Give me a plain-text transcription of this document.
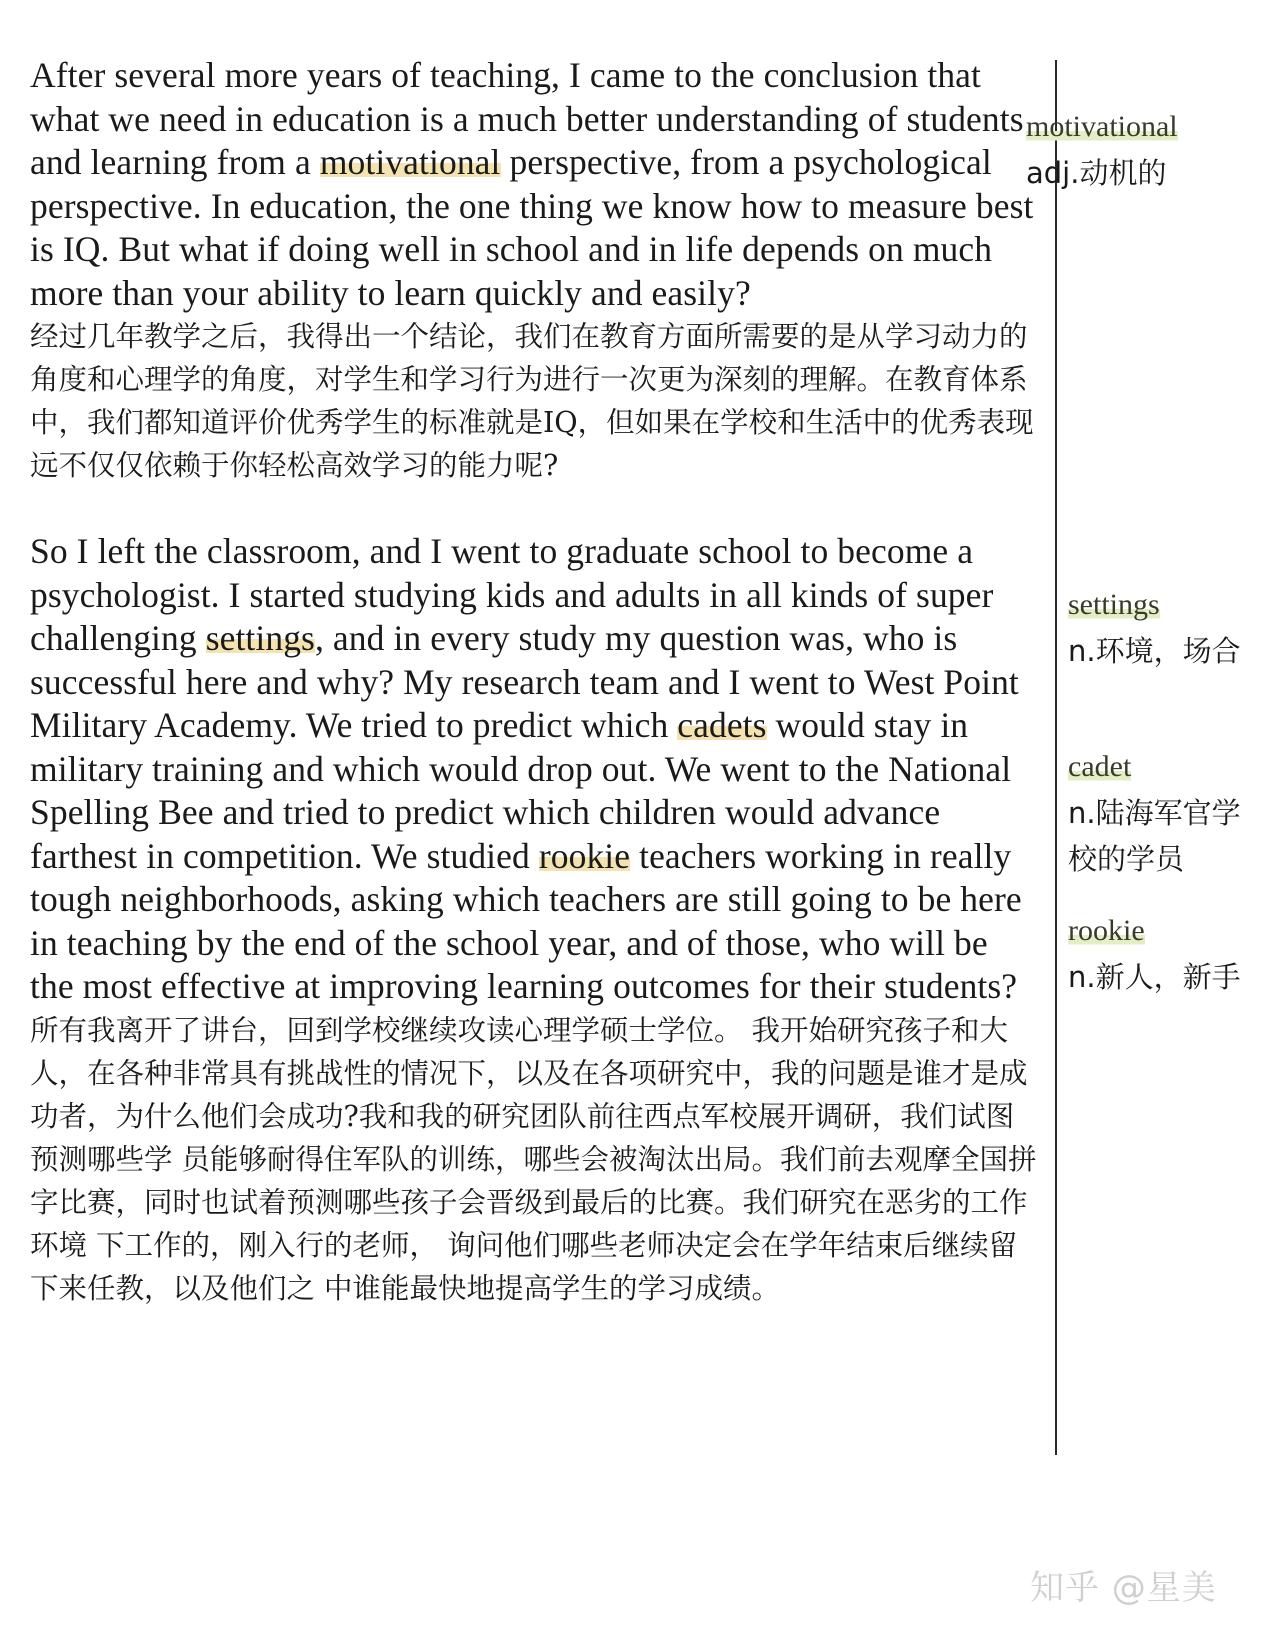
After several more years of teaching, I came to the conclusion that what we need in education is a much better understanding of students and learning from a motivational perspective, from a psychological perspective. In education, the one thing we know how to measure best is IQ. But what if doing well in school and in life depends on much more than your ability to learn quickly and easily?

经过几年教学之后，我得出一个结论，我们在教育方面所需要的是从学习动力的角度和心理学的角度，对学生和学习行为进行一次更为深刻的理解。在教育体系中，我们都知道评价优秀学生的标准就是IQ，但如果在学校和生活中的优秀表现远不仅仅依赖于你轻松高效学习的能力呢?

So I left the classroom, and I went to graduate school to become a psychologist. I started studying kids and adults in all kinds of super challenging settings, and in every study my question was, who is successful here and why? My research team and I went to West Point Military Academy. We tried to predict which cadets would stay in military training and which would drop out. We went to the National Spelling Bee and tried to predict which children would advance farthest in competition. We studied rookie teachers working in really tough neighborhoods, asking which teachers are still going to be here in teaching by the end of the school year, and of those, who will be the most effective at improving learning outcomes for their students?

所有我离开了讲台，回到学校继续攻读心理学硕士学位。 我开始研究孩子和大人，在各种非常具有挑战性的情况下，以及在各项研究中，我的问题是谁才是成功者，为什么他们会成功?我和我的研究团队前往西点军校展开调研，我们试图预测哪些学 员能够耐得住军队的训练，哪些会被淘汰出局。我们前去观摩全国拼字比赛，同时也试着预测哪些孩子会晋级到最后的比赛。我们研究在恶劣的工作环境 下工作的，刚入行的老师， 询问他们哪些老师决定会在学年结束后继续留下来任教，以及他们之 中谁能最快地提高学生的学习成绩。

motivational
adj.动机的
settings
n.环境，场合
cadet
n.陆海军官学校的学员
rookie
n.新人，新手
知乎 @星美
